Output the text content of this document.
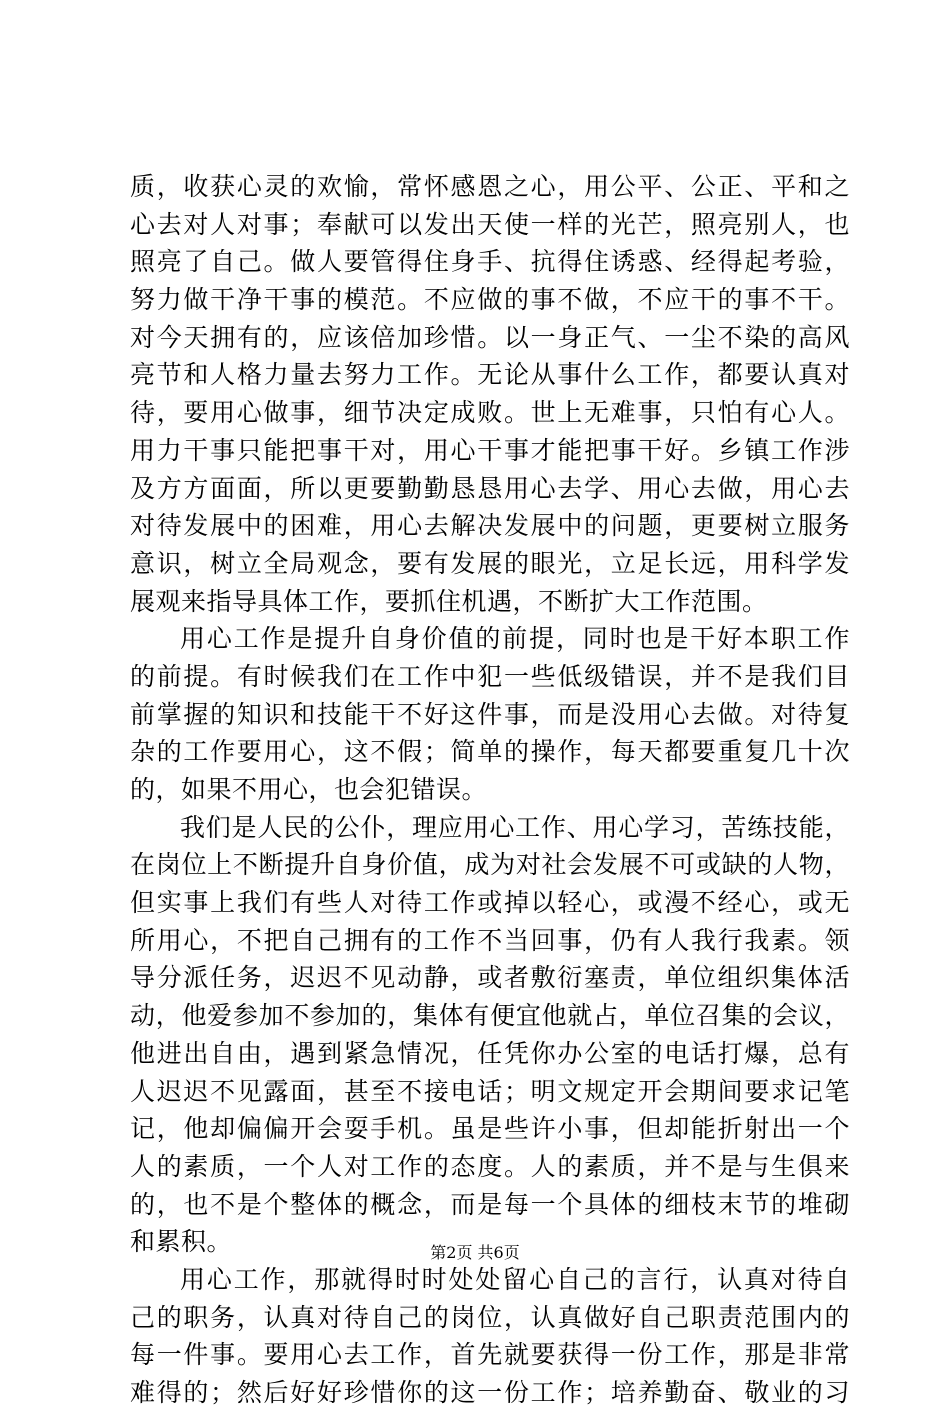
质，收获心灵的欢愉，常怀感恩之心，用公平、公正、平和之
心去对人对事；奉献可以发出天使一样的光芒，照亮别人，也
照亮了自己。做人要管得住身手、抗得住诱惑、经得起考验，
努力做干净干事的模范。不应做的事不做，不应干的事不干。
对今天拥有的，应该倍加珍惜。以一身正气、一尘不染的高风
亮节和人格力量去努力工作。无论从事什么工作，都要认真对
待，要用心做事，细节决定成败。世上无难事，只怕有心人。
用力干事只能把事干对，用心干事才能把事干好。乡镇工作涉
及方方面面，所以更要勤勤恳恳用心去学、用心去做，用心去
对待发展中的困难，用心去解决发展中的问题，更要树立服务
意识，树立全局观念，要有发展的眼光，立足长远，用科学发
展观来指导具体工作，要抓住机遇，不断扩大工作范围。
用心工作是提升自身价值的前提，同时也是干好本职工作
的前提。有时候我们在工作中犯一些低级错误，并不是我们目
前掌握的知识和技能干不好这件事，而是没用心去做。对待复
杂的工作要用心，这不假；简单的操作，每天都要重复几十次
的，如果不用心，也会犯错误。
我们是人民的公仆，理应用心工作、用心学习，苦练技能，
在岗位上不断提升自身价值，成为对社会发展不可或缺的人物，
但实事上我们有些人对待工作或掉以轻心，或漫不经心，或无
所用心，不把自己拥有的工作不当回事，仍有人我行我素。领
导分派任务，迟迟不见动静，或者敷衍塞责，单位组织集体活
动，他爱参加不参加的，集体有便宜他就占，单位召集的会议，
他进出自由，遇到紧急情况，任凭你办公室的电话打爆，总有
人迟迟不见露面，甚至不接电话；明文规定开会期间要求记笔
记，他却偏偏开会耍手机。虽是些许小事，但却能折射出一个
人的素质，一个人对工作的态度。人的素质，并不是与生俱来
的，也不是个整体的概念，而是每一个具体的细枝末节的堆砌
和累积。
用心工作，那就得时时处处留心自己的言行，认真对待自
己的职务，认真对待自己的岗位，认真做好自己职责范围内的
每一件事。要用心去工作，首先就要获得一份工作，那是非常
难得的；然后好好珍惜你的这一份工作；培养勤奋、敬业的习
第2页 共6页
